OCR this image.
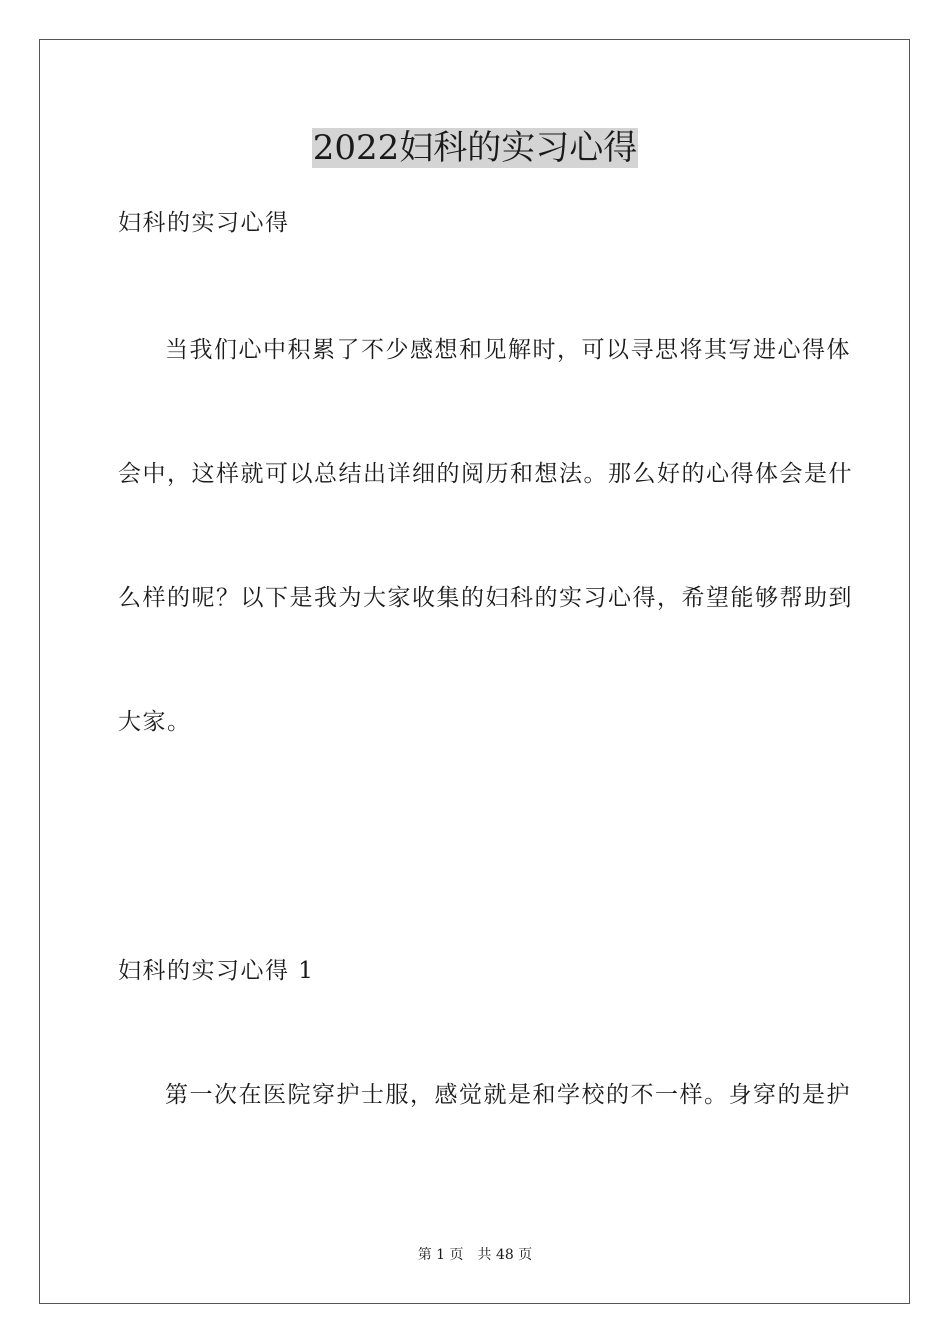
2022妇科的实习心得
妇科的实习心得
当我们心中积累了不少感想和见解时，可以寻思将其写进心得体
会中，这样就可以总结出详细的阅历和想法。那么好的心得体会是什
么样的呢？以下是我为大家收集的妇科的实习心得，希望能够帮助到
大家。
妇科的实习心得 1
第一次在医院穿护士服，感觉就是和学校的不一样。身穿的是护
第 1 页 共 48 页
